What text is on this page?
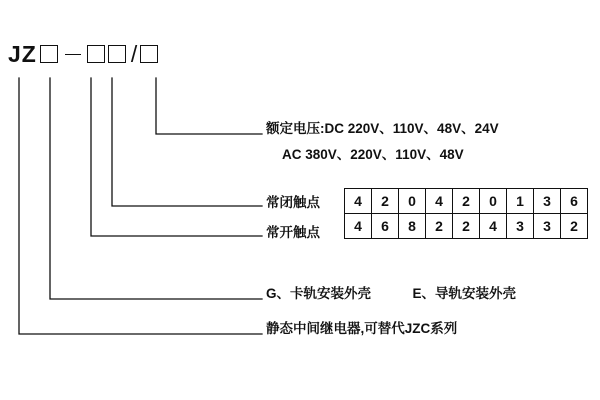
JZ	/
额定电压:DC 220V、110V、48V、24V
AC 380V、220V、110V、48V
常闭触点
常开触点
G、卡轨安装外壳	E、导轨安装外壳
静态中间继电器,可替代JZC系列
4	2	0	4	2	0	1	3	6
4	6	8	2	2	4	3	3	2
